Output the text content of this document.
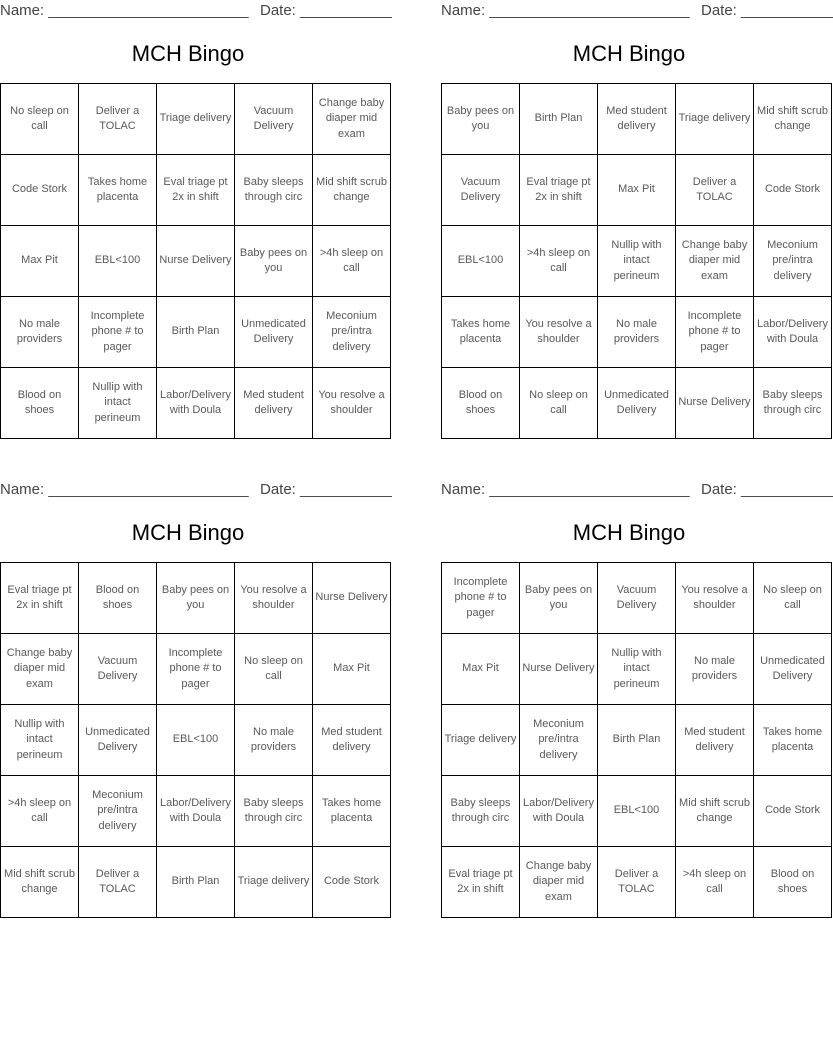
Name: ________________________ Date: ___________
MCH Bingo
No sleep on call	Deliver a TOLAC	Triage delivery	Vacuum Delivery	Change baby diaper mid exam
Code Stork	Takes home placenta	Eval triage pt 2x in shift	Baby sleeps through circ	Mid shift scrub change
Max Pit	EBL<100	Nurse Delivery	Baby pees on you	>4h sleep on call
No male providers	Incomplete phone # to pager	Birth Plan	Unmedicated Delivery	Meconium pre/intra delivery
Blood on shoes	Nullip with intact perineum	Labor/Delivery with Doula	Med student delivery	You resolve a shoulder
Name: ________________________ Date: ___________
MCH Bingo
Baby pees on you	Birth Plan	Med student delivery	Triage delivery	Mid shift scrub change
Vacuum Delivery	Eval triage pt 2x in shift	Max Pit	Deliver a TOLAC	Code Stork
EBL<100	>4h sleep on call	Nullip with intact perineum	Change baby diaper mid exam	Meconium pre/intra delivery
Takes home placenta	You resolve a shoulder	No male providers	Incomplete phone # to pager	Labor/Delivery with Doula
Blood on shoes	No sleep on call	Unmedicated Delivery	Nurse Delivery	Baby sleeps through circ
Name: ________________________ Date: ___________
MCH Bingo
Eval triage pt 2x in shift	Blood on shoes	Baby pees on you	You resolve a shoulder	Nurse Delivery
Change baby diaper mid exam	Vacuum Delivery	Incomplete phone # to pager	No sleep on call	Max Pit
Nullip with intact perineum	Unmedicated Delivery	EBL<100	No male providers	Med student delivery
>4h sleep on call	Meconium pre/intra delivery	Labor/Delivery with Doula	Baby sleeps through circ	Takes home placenta
Mid shift scrub change	Deliver a TOLAC	Birth Plan	Triage delivery	Code Stork
Name: ________________________ Date: ___________
MCH Bingo
Incomplete phone # to pager	Baby pees on you	Vacuum Delivery	You resolve a shoulder	No sleep on call
Max Pit	Nurse Delivery	Nullip with intact perineum	No male providers	Unmedicated Delivery
Triage delivery	Meconium pre/intra delivery	Birth Plan	Med student delivery	Takes home placenta
Baby sleeps through circ	Labor/Delivery with Doula	EBL<100	Mid shift scrub change	Code Stork
Eval triage pt 2x in shift	Change baby diaper mid exam	Deliver a TOLAC	>4h sleep on call	Blood on shoes
